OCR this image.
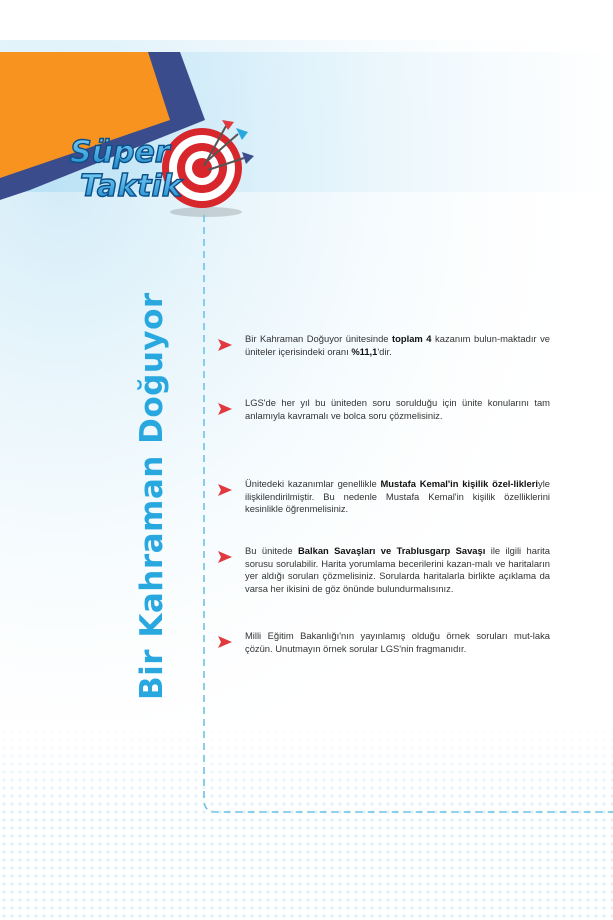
Süper
Taktik
Bir Kahraman Doğuyor	Bir Kahraman Doğuyor ünitesinde toplam 4 kazanım bulun-maktadır ve üniteler içerisindeki oranı %11,1'dir.
LGS'de her yıl bu üniteden soru sorulduğu için ünite konularını tam anlamıyla kavramalı ve bolca soru çözmelisiniz.
Ünitedeki kazanımlar genellikle Mustafa Kemal'in kişilik özel-likleriyle ilişkilendirilmiştir. Bu nedenle Mustafa Kemal'in kişilik özelliklerini kesinlikle öğrenmelisiniz.
Bu ünitede Balkan Savaşları ve Trablusgarp Savaşı ile ilgili harita sorusu sorulabilir. Harita yorumlama becerilerini kazan-malı ve haritaların yer aldığı soruları çözmelisiniz. Sorularda haritalarla birlikte açıklama da varsa her ikisini de göz önünde bulundurmalısınız.
Milli Eğitim Bakanlığı'nın yayınlamış olduğu örnek soruları mut-laka çözün. Unutmayın örnek sorular LGS'nin fragmanıdır.
